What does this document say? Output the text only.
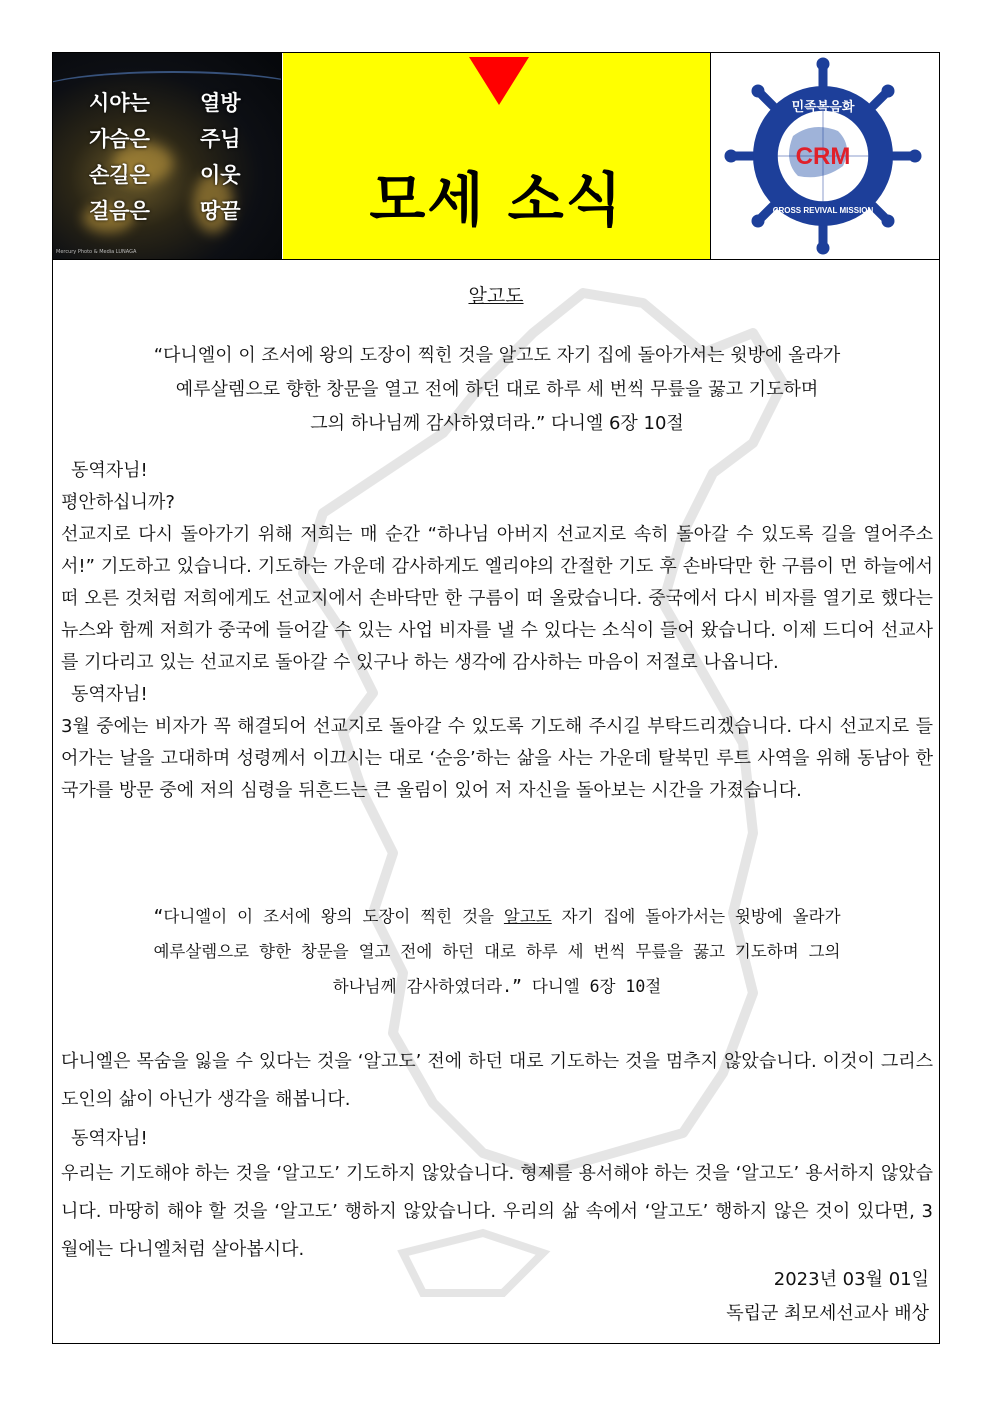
시야는
가슴은
손길은
걸음은
열방
주님
이웃
땅끝
Mercury Photo & Media LUNAGA
모세 소식
CRM
민족복음화
CROSS REVIVAL MISSION
알고도
“다니엘이 이 조서에 왕의 도장이 찍힌 것을 알고도 자기 집에 돌아가서는 윗방에 올라가
예루살렘으로 향한 창문을 열고 전에 하던 대로 하루 세 번씩 무릎을 꿇고 기도하며
그의 하나님께 감사하였더라.” 다니엘 6장 10절

동역자님!

평안하십니까?

선교지로 다시 돌아가기 위해 저희는 매 순간 “하나님 아버지 선교지로 속히 돌아갈 수 있도록 길을 열어주소서!” 기도하고 있습니다. 기도하는 가운데 감사하게도 엘리야의 간절한 기도 후 손바닥만 한 구름이 먼 하늘에서 떠 오른 것처럼 저희에게도 선교지에서 손바닥만 한 구름이 떠 올랐습니다. 중국에서 다시 비자를 열기로 했다는 뉴스와 함께 저희가 중국에 들어갈 수 있는 사업 비자를 낼 수 있다는 소식이 들어 왔습니다. 이제 드디어 선교사를 기다리고 있는 선교지로 돌아갈 수 있구나 하는 생각에 감사하는 마음이 저절로 나옵니다.

동역자님!

3월 중에는 비자가 꼭 해결되어 선교지로 돌아갈 수 있도록 기도해 주시길 부탁드리겠습니다. 다시 선교지로 들어가는 날을 고대하며 성령께서 이끄시는 대로 ‘순응’하는 삶을 사는 가운데 탈북민 루트 사역을 위해 동남아 한 국가를 방문 중에 저의 심령을 뒤흔드는 큰 울림이 있어 저 자신을 돌아보는 시간을 가졌습니다.

“다니엘이 이 조서에 왕의 도장이 찍힌 것을 알고도 자기 집에 돌아가서는 윗방에 올라가
예루살렘으로 향한 창문을 열고 전에 하던 대로 하루 세 번씩 무릎을 꿇고 기도하며 그의
하나님께 감사하였더라.” 다니엘 6장 10절

다니엘은 목숨을 잃을 수 있다는 것을 ‘알고도’ 전에 하던 대로 기도하는 것을 멈추지 않았습니다. 이것이 그리스도인의 삶이 아닌가 생각을 해봅니다.

동역자님!

우리는 기도해야 하는 것을 ‘알고도’ 기도하지 않았습니다. 형제를 용서해야 하는 것을 ‘알고도’ 용서하지 않았습니다. 마땅히 해야 할 것을 ‘알고도’ 행하지 않았습니다. 우리의 삶 속에서 ‘알고도’ 행하지 않은 것이 있다면, 3월에는 다니엘처럼 살아봅시다.

2023년 03월 01일
독립군 최모세선교사 배상
